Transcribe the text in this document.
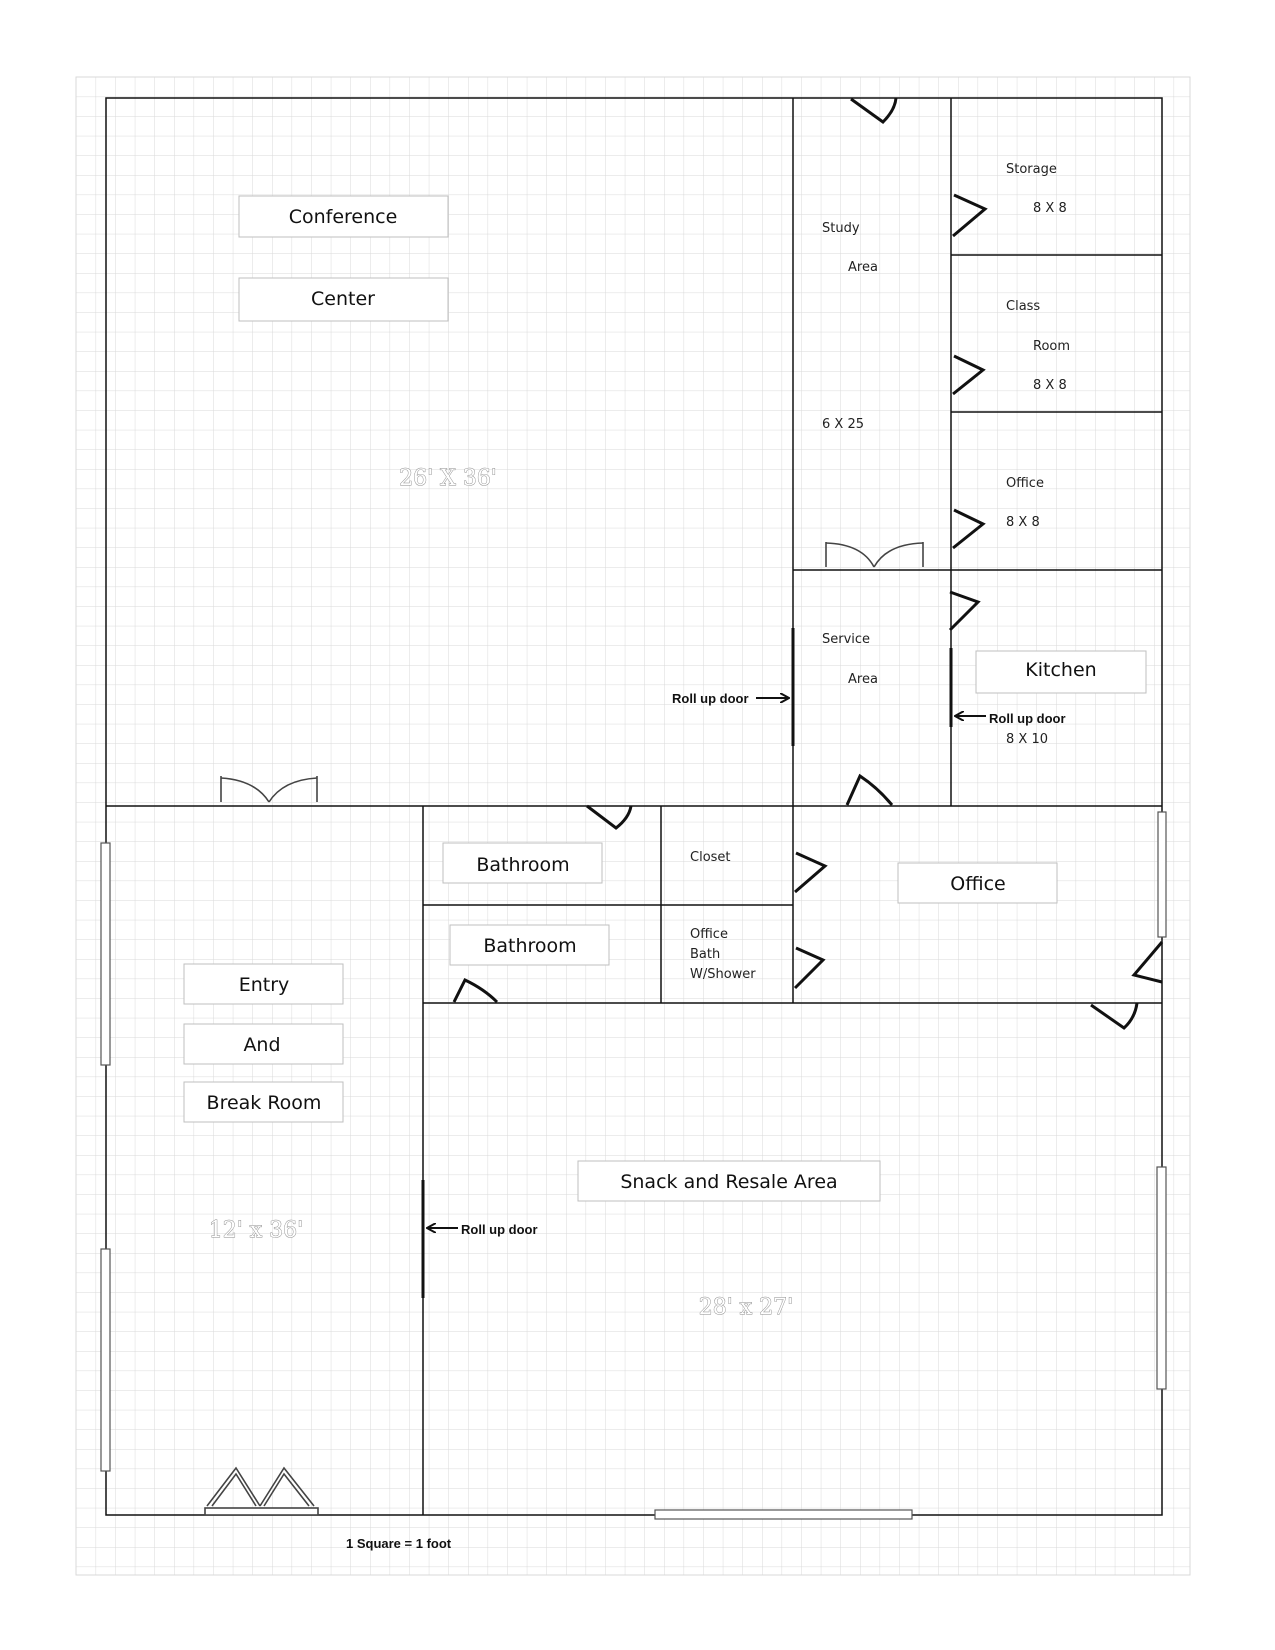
Conference
Center
Kitchen
Bathroom
Bathroom
Office
Entry
And
Break Room
Snack and Resale Area
Storage
8 X 8
Study
Area
6 X 25
Class
Room
8 X 8
Office
8 X 8
Service
Area
8 X 10
Closet
Office
Bath
W/Shower
26' X 36'
12' x 36'
28' x 27'
Roll up door
Roll up door
Roll up door
1 Square = 1 foot
